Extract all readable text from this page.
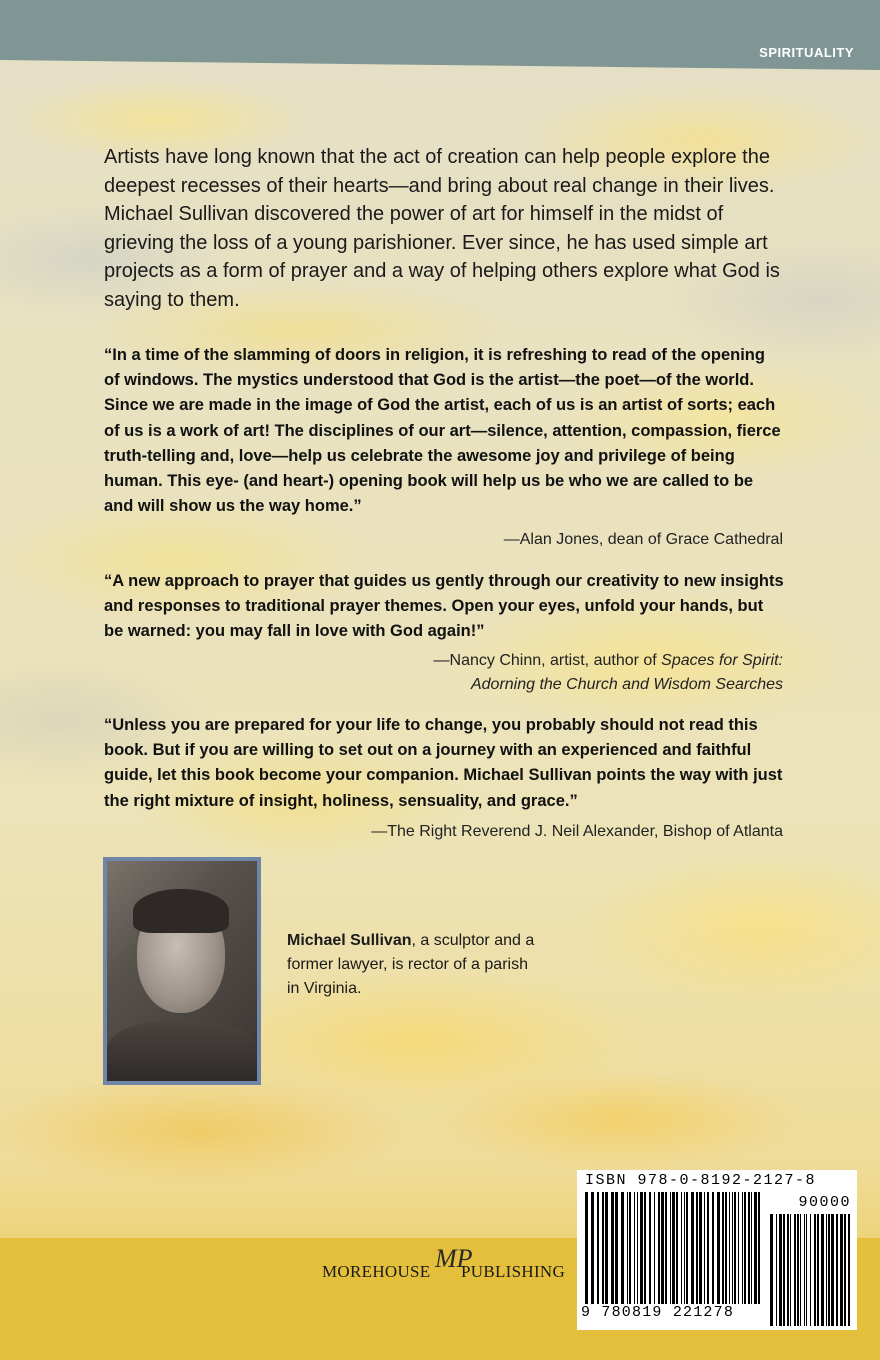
SPIRITUALITY

Artists have long known that the act of creation can help people explore the deepest recesses of their hearts—and bring about real change in their lives. Michael Sullivan discovered the power of art for himself in the midst of grieving the loss of a young parishioner. Ever since, he has used simple art projects as a form of prayer and a way of helping others explore what God is saying to them.

“In a time of the slamming of doors in religion, it is refreshing to read of the opening of windows. The mystics understood that God is the artist—the poet—of the world. Since we are made in the image of God the artist, each of us is an artist of sorts; each of us is a work of art! The disciplines of our art—silence, attention, compassion, fierce truth-telling and, love—help us celebrate the awesome joy and privilege of being human. This eye- (and heart-) opening book will help us be who we are called to be and will show us the way home.”

—Alan Jones, dean of Grace Cathedral

“A new approach to prayer that guides us gently through our creativity to new insights and responses to traditional prayer themes. Open your eyes, unfold your hands, but be warned: you may fall in love with God again!”

—Nancy Chinn, artist, author of Spaces for Spirit:
Adorning the Church and Wisdom Searches

“Unless you are prepared for your life to change, you probably should not read this book. But if you are willing to set out on a journey with an experienced and faithful guide, let this book become your companion. Michael Sullivan points the way with just the right mixture of insight, holiness, sensuality, and grace.”

—The Right Reverend J. Neil Alexander, Bishop of Atlanta

Michael Sullivan, a sculptor and a former lawyer, is rector of a parish in Virginia.

MOREHOUSE MP
PUBLISHING
ISBN 978-0-8192-2127-8
90000
9 780819 221278
